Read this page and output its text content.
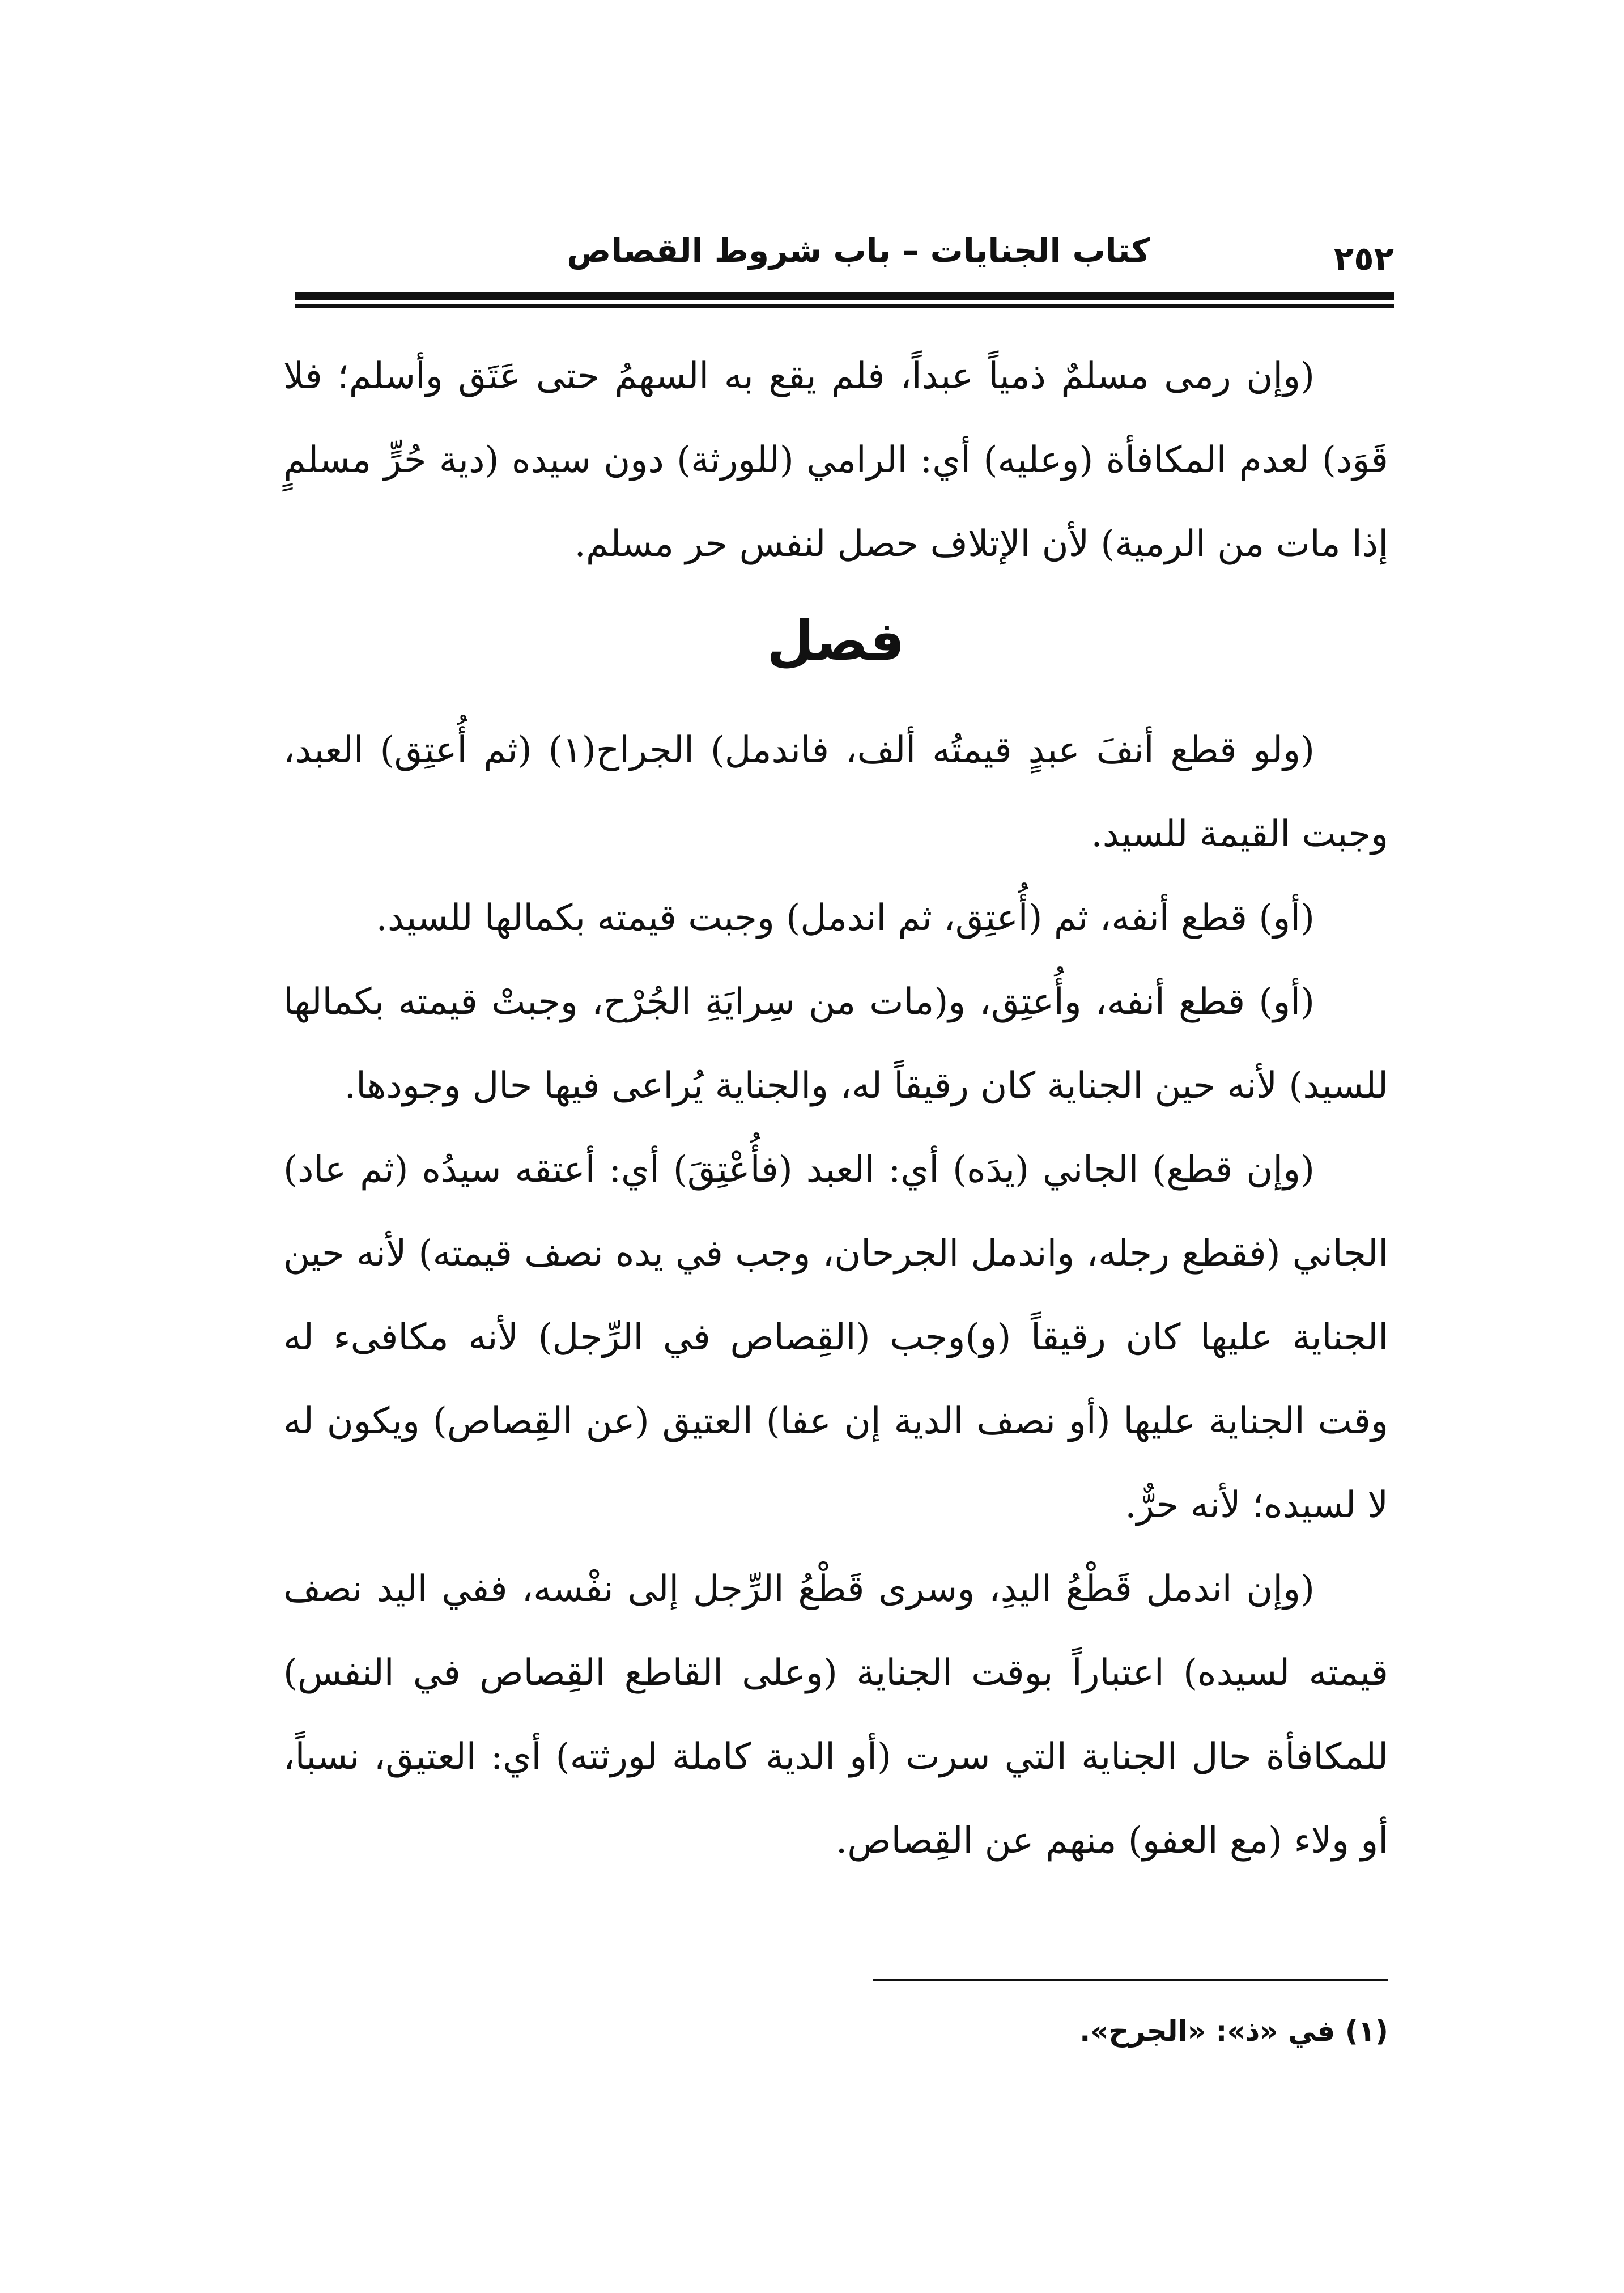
كتاب الجنايات – باب شروط القصاص	٢٥٢

(وإن رمى مسلمٌ ذمياً عبداً، فلم يقع به السهمُ حتى عَتَق وأسلم؛ فلا قَوَد) لعدم المكافأة (وعليه) أي: الرامي (للورثة) دون سيده (دية حُرٍّ مسلمٍ إذا مات من الرمية) لأن الإتلاف حصل لنفس حر مسلم.

فصل

(ولو قطع أنفَ عبدٍ قيمتُه ألف، فاندمل) الجراح(١) (ثم أُعتِق) العبد، وجبت القيمة للسيد.

(أو) قطع أنفه، ثم (أُعتِق، ثم اندمل) وجبت قيمته بكمالها للسيد.

(أو) قطع أنفه، وأُعتِق، و(مات من سِرايَةِ الجُرْح، وجبتْ قيمته بكمالها للسيد) لأنه حين الجناية كان رقيقاً له، والجناية يُراعى فيها حال وجودها.

(وإن قطع) الجاني (يدَه) أي: العبد (فأُعْتِقَ) أي: أعتقه سيدُه (ثم عاد) الجاني (فقطع رجله، واندمل الجرحان، وجب في يده نصف قيمته) لأنه حين الجناية عليها كان رقيقاً (و)وجب (القِصاص في الرِّجل) لأنه مكافىء له وقت الجناية عليها (أو نصف الدية إن عفا) العتيق (عن القِصاص) ويكون له لا لسيده؛ لأنه حرٌّ.

(وإن اندمل قَطْعُ اليدِ، وسرى قَطْعُ الرِّجل إلى نفْسه، ففي اليد نصف قيمته لسيده) اعتباراً بوقت الجناية (وعلى القاطع القِصاص في النفس) للمكافأة حال الجناية التي سرت (أو الدية كاملة لورثته) أي: العتيق، نسباً، أو ولاء (مع العفو) منهم عن القِصاص.

(١) في «ذ»: «الجرح».
